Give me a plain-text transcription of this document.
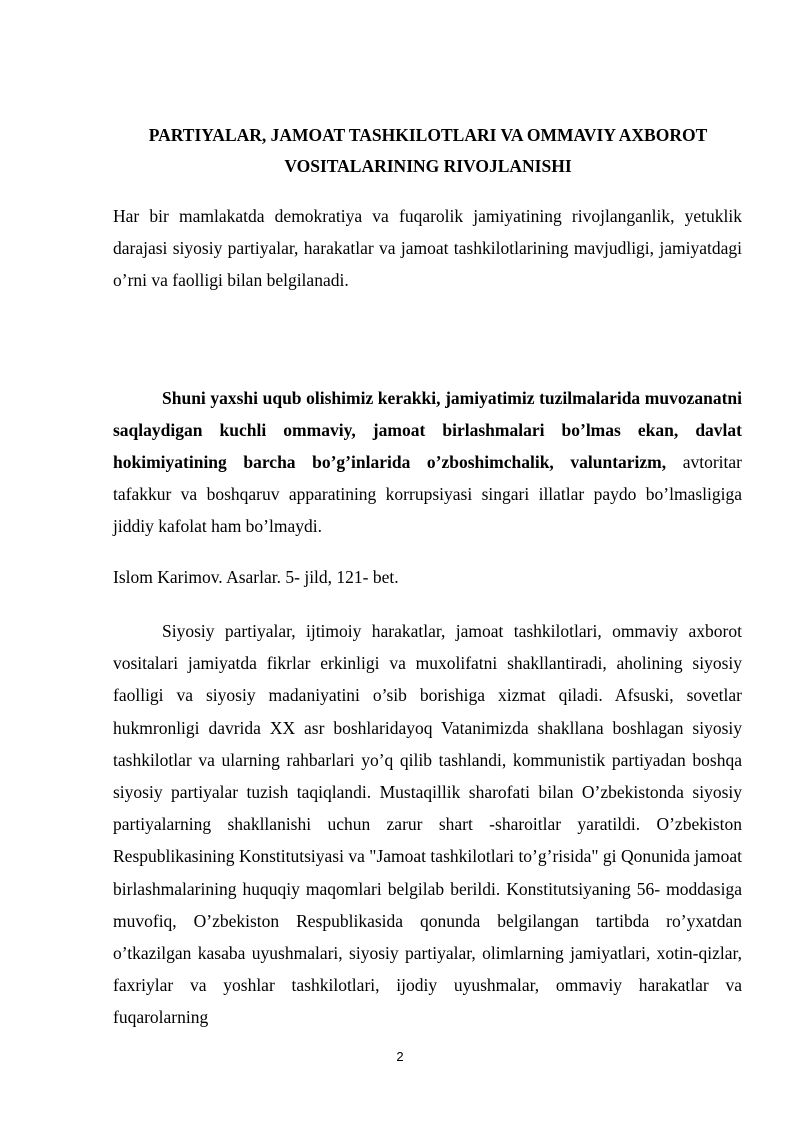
PARTIYALAR, JAMOAT TASHKILOTLARI VA OMMAVIY AXBOROT
VOSITALARINING RIVOJLANISHI

Har bir mamlakatda demokratiya va fuqarolik jamiyatining rivojlanganlik, yetuklik darajasi siyosiy partiyalar, harakatlar va jamoat tashkilotlarining mavjudligi, jamiyatdagi o’rni va faolligi bilan belgilanadi.

Shuni yaxshi uqub olishimiz kerakki, jamiyatimiz tuzilmalarida muvozanatni saqlaydigan kuchli ommaviy, jamoat birlashmalari bo’lmas ekan, davlat hokimiyatining barcha bo’g’inlarida o’zboshimchalik, valuntarizm, avtoritar tafakkur va boshqaruv apparatining korrupsiyasi singari illatlar paydo bo’lmasligiga jiddiy kafolat ham bo’lmaydi.

Islom Karimov. Asarlar. 5- jild, 121- bet.

Siyosiy partiyalar, ijtimoiy harakatlar, jamoat tashkilotlari, ommaviy axborot vositalari jamiyatda fikrlar erkinligi va muxolifatni shakllantiradi, aholining siyosiy faolligi va siyosiy madaniyatini o’sib borishiga xizmat qiladi. Afsuski, sovetlar hukmronligi davrida XX asr boshlaridayoq Vatanimizda shakllana boshlagan siyosiy tashkilotlar va ularning rahbarlari yo’q qilib tashlandi, kommunistik partiyadan boshqa siyosiy partiyalar tuzish taqiqlandi. Mustaqillik sharofati bilan O’zbekistonda siyosiy partiyalarning shakllanishi uchun zarur shart -sharoitlar yaratildi. O’zbekiston Respublikasining Konstitutsiyasi va "Jamoat tashkilotlari to’g’risida" gi Qonunida jamoat birlashmalarining huquqiy maqomlari belgilab berildi. Konstitutsiyaning 56- moddasiga muvofiq, O’zbekiston Respublikasida qonunda belgilangan tartibda ro’yxatdan o’tkazilgan kasaba uyushmalari, siyosiy partiyalar, olimlarning jamiyatlari, xotin-qizlar, faxriylar va yoshlar tashkilotlari, ijodiy uyushmalar, ommaviy harakatlar va fuqarolarning

2
